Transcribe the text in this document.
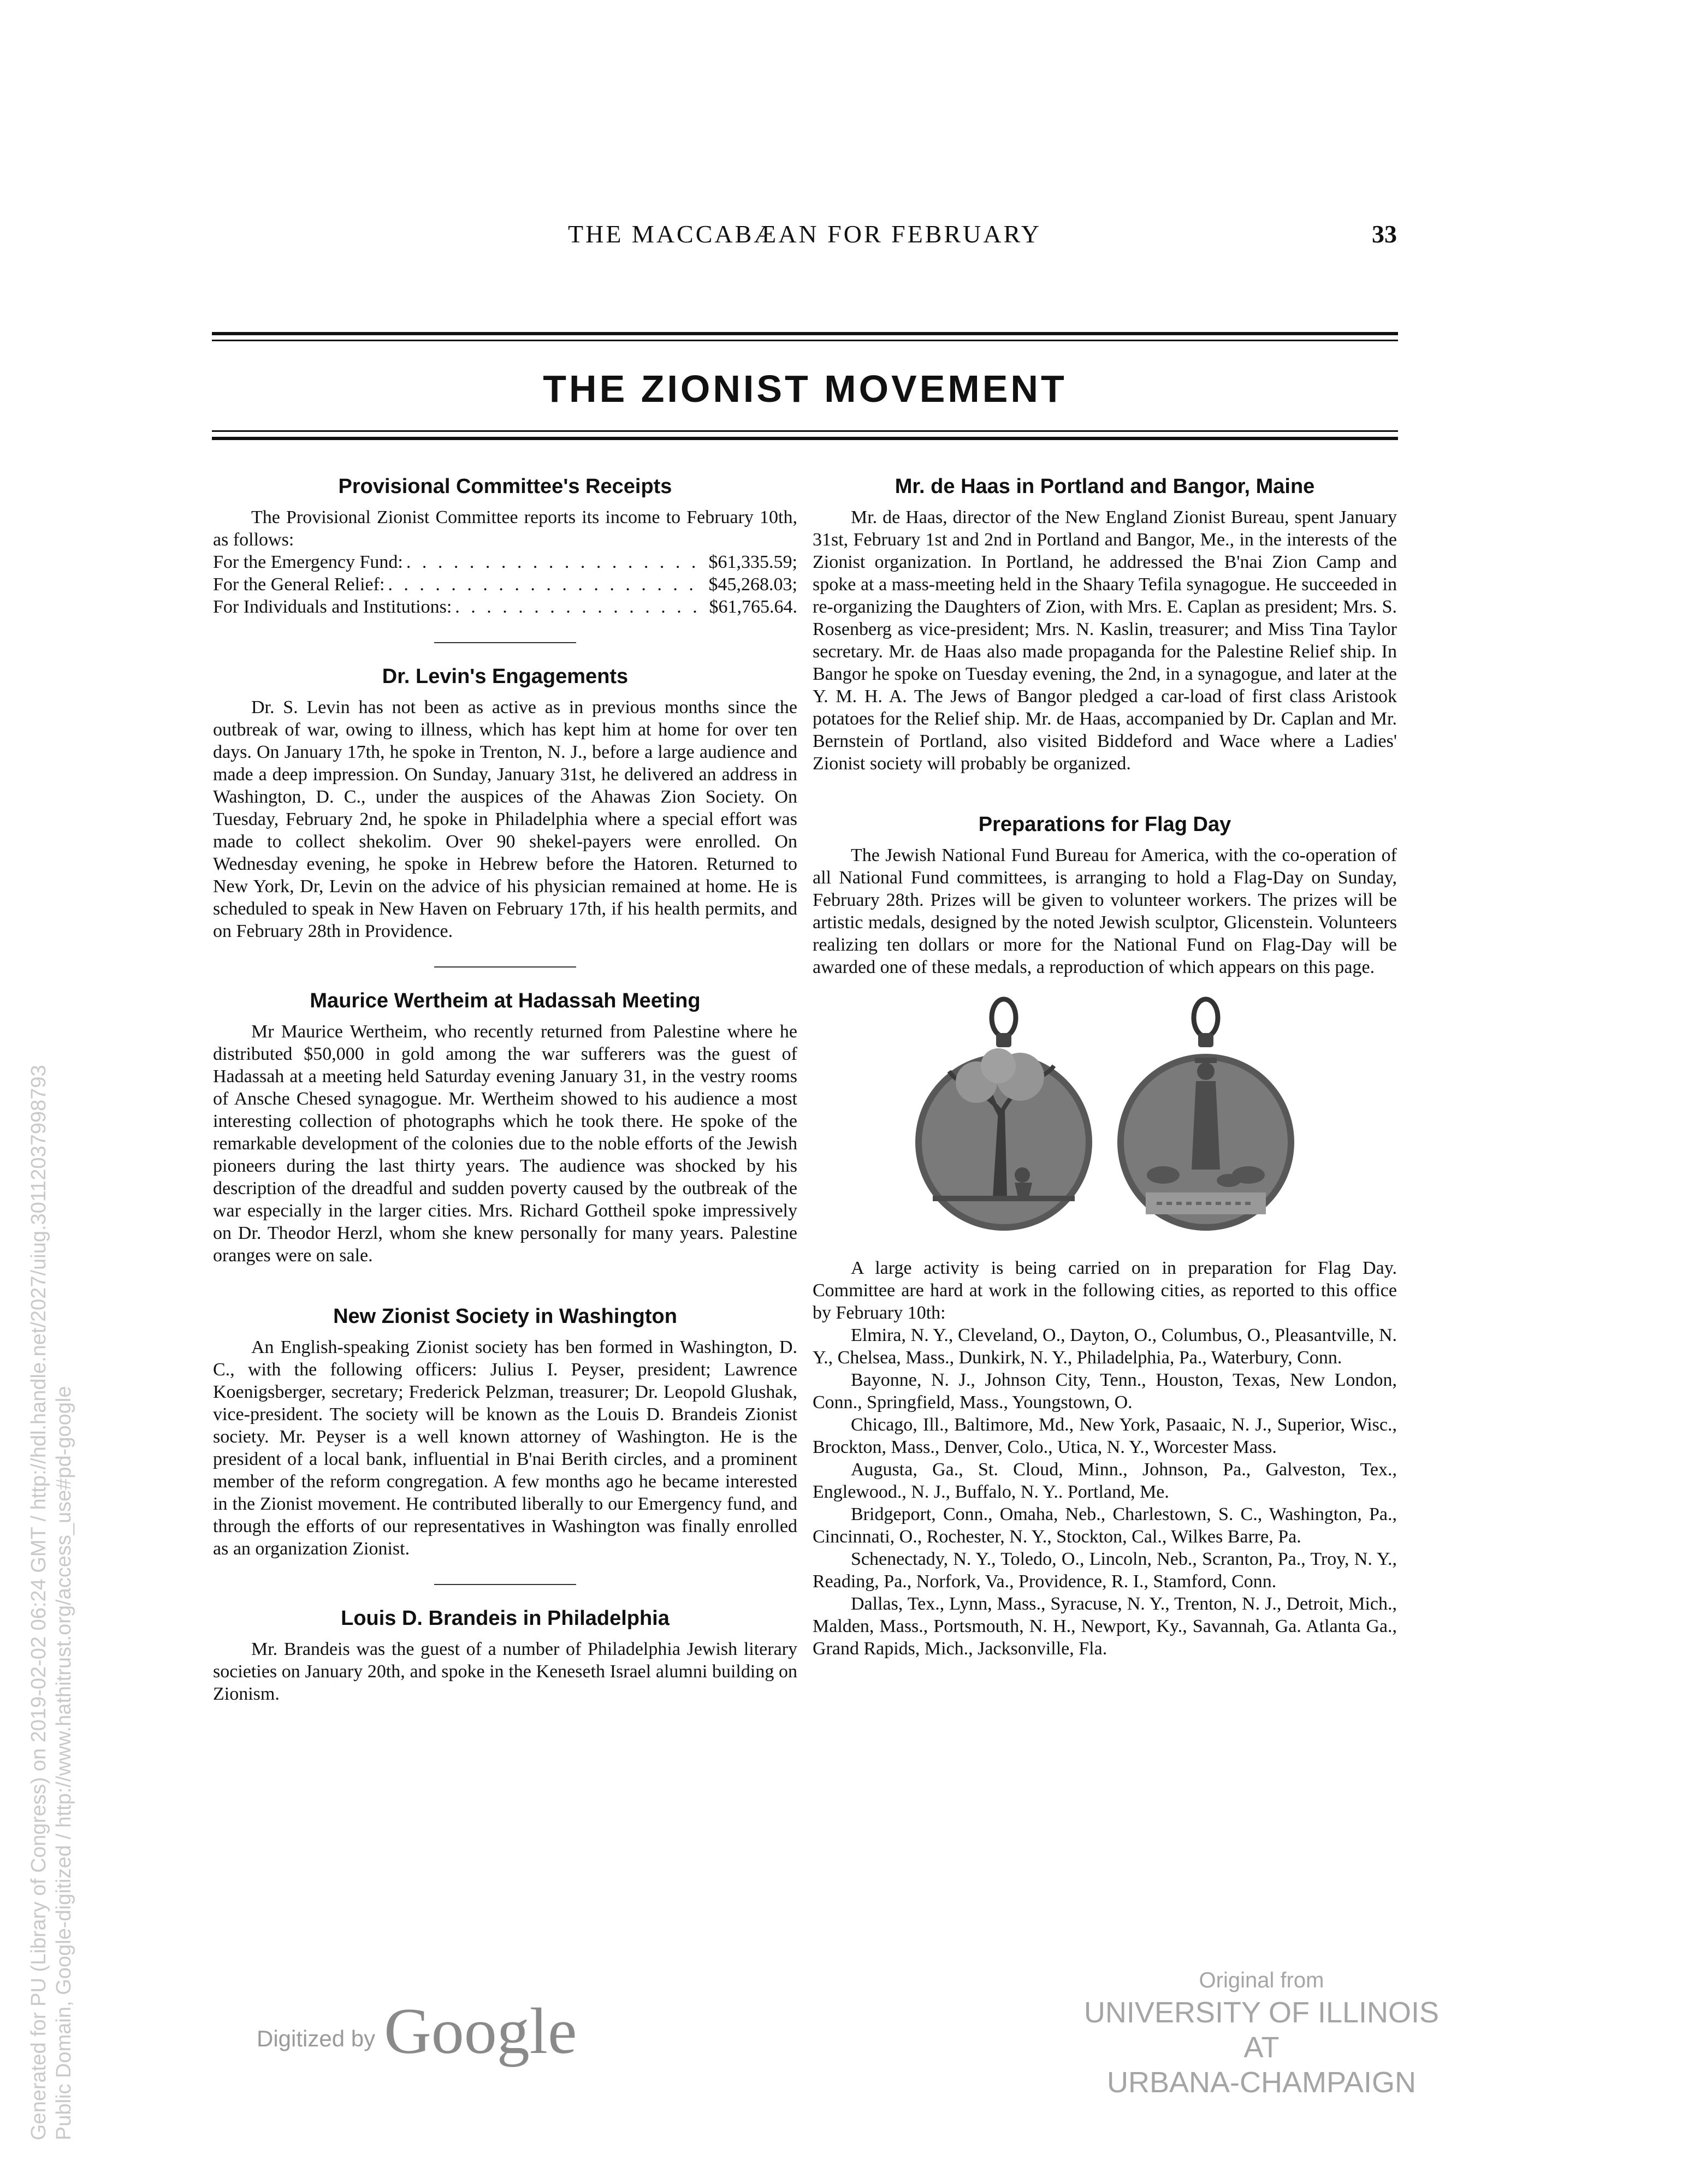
THE MACCABÆAN FOR FEBRUARY	33
THE ZIONIST MOVEMENT
Provisional Committee's Receipts

The Provisional Zionist Committee reports its income to February 10th, as follows:

For the Emergency Fund: . . .	$61,335.59;
For the General Relief: . . .	$45,268.03;
For Individuals and Institutions: . . .	$61,765.64.
Dr. Levin's Engagements

Dr. S. Levin has not been as active as in previous months since the outbreak of war, owing to illness, which has kept him at home for over ten days. On January 17th, he spoke in Trenton, N. J., before a large audience and made a deep impression. On Sunday, January 31st, he delivered an address in Washington, D. C., under the auspices of the Ahawas Zion Society. On Tuesday, February 2nd, he spoke in Philadelphia where a special effort was made to collect shekolim. Over 90 shekel-payers were enrolled. On Wednesday evening, he spoke in Hebrew before the Hatoren. Returned to New York, Dr, Levin on the advice of his physician remained at home. He is scheduled to speak in New Haven on February 17th, if his health permits, and on February 28th in Providence.

Maurice Wertheim at Hadassah Meeting

Mr Maurice Wertheim, who recently returned from Palestine where he distributed $50,000 in gold among the war sufferers was the guest of Hadassah at a meeting held Saturday evening January 31, in the vestry rooms of Ansche Chesed synagogue. Mr. Wertheim showed to his audience a most interesting collection of photographs which he took there. He spoke of the remarkable development of the colonies due to the noble efforts of the Jewish pioneers during the last thirty years. The audience was shocked by his description of the dreadful and sudden poverty caused by the outbreak of the war especially in the larger cities. Mrs. Richard Gottheil spoke impressively on Dr. Theodor Herzl, whom she knew personally for many years. Palestine oranges were on sale.

New Zionist Society in Washington

An English-speaking Zionist society has ben formed in Washington, D. C., with the following officers: Julius I. Peyser, president; Lawrence Koenigsberger, secretary; Frederick Pelzman, treasurer; Dr. Leopold Glushak, vice-president. The society will be known as the Louis D. Brandeis Zionist society. Mr. Peyser is a well known attorney of Washington. He is the president of a local bank, influential in B'nai Berith circles, and a prominent member of the reform congregation. A few months ago he became interested in the Zionist movement. He contributed liberally to our Emergency fund, and through the efforts of our representatives in Washington was finally enrolled as an organization Zionist.

Louis D. Brandeis in Philadelphia

Mr. Brandeis was the guest of a number of Philadelphia Jewish literary societies on January 20th, and spoke in the Keneseth Israel alumni building on Zionism.

Mr. de Haas in Portland and Bangor, Maine

Mr. de Haas, director of the New England Zionist Bureau, spent January 31st, February 1st and 2nd in Portland and Bangor, Me., in the interests of the Zionist organization. In Portland, he addressed the B'nai Zion Camp and spoke at a mass-meeting held in the Shaary Tefila synagogue. He succeeded in re-organizing the Daughters of Zion, with Mrs. E. Caplan as president; Mrs. S. Rosenberg as vice-president; Mrs. N. Kaslin, treasurer; and Miss Tina Taylor secretary. Mr. de Haas also made propaganda for the Palestine Relief ship. In Bangor he spoke on Tuesday evening, the 2nd, in a synagogue, and later at the Y. M. H. A. The Jews of Bangor pledged a car-load of first class Aristook potatoes for the Relief ship. Mr. de Haas, accompanied by Dr. Caplan and Mr. Bernstein of Portland, also visited Biddeford and Wace where a Ladies' Zionist society will probably be organized.

Preparations for Flag Day

The Jewish National Fund Bureau for America, with the co-operation of all National Fund committees, is arranging to hold a Flag-Day on Sunday, February 28th. Prizes will be given to volunteer workers. The prizes will be artistic medals, designed by the noted Jewish sculptor, Glicenstein. Volunteers realizing ten dollars or more for the National Fund on Flag-Day will be awarded one of these medals, a reproduction of which appears on this page.

A large activity is being carried on in preparation for Flag Day. Committee are hard at work in the following cities, as reported to this office by February 10th:

Elmira, N. Y., Cleveland, O., Dayton, O., Columbus, O., Pleasantville, N. Y., Chelsea, Mass., Dunkirk, N. Y., Philadelphia, Pa., Waterbury, Conn.

Bayonne, N. J., Johnson City, Tenn., Houston, Texas, New London, Conn., Springfield, Mass., Youngstown, O.

Chicago, Ill., Baltimore, Md., New York, Pasaaic, N. J., Superior, Wisc., Brockton, Mass., Denver, Colo., Utica, N. Y., Worcester Mass.

Augusta, Ga., St. Cloud, Minn., Johnson, Pa., Galveston, Tex., Englewood., N. J., Buffalo, N. Y.. Portland, Me.

Bridgeport, Conn., Omaha, Neb., Charlestown, S. C., Washington, Pa., Cincinnati, O., Rochester, N. Y., Stockton, Cal., Wilkes Barre, Pa.

Schenectady, N. Y., Toledo, O., Lincoln, Neb., Scranton, Pa., Troy, N. Y., Reading, Pa., Norfork, Va., Providence, R. I., Stamford, Conn.

Dallas, Tex., Lynn, Mass., Syracuse, N. Y., Trenton, N. J., Detroit, Mich., Malden, Mass., Portsmouth, N. H., Newport, Ky., Savannah, Ga. Atlanta Ga., Grand Rapids, Mich., Jacksonville, Fla.

Digitized by Google
Original from
UNIVERSITY OF ILLINOIS AT
URBANA-CHAMPAIGN
Generated for PU (Library of Congress) on 2019-02-02 06:24 GMT / http://hdl.handle.net/2027/uiug.30112037998793 Public Domain, Google-digitized / http://www.hathitrust.org/access_use#pd-google
